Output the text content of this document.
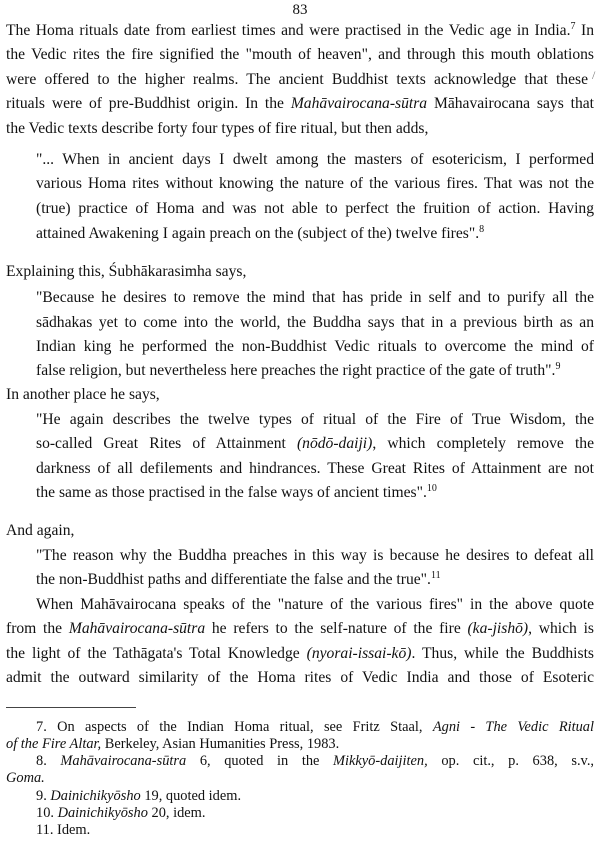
83
/
The Homa rituals date from earliest times and were practised in the Vedic age in India.$^7$ In
the Vedic rites the fire signified the "mouth of heaven", and through this mouth oblations
were offered to the higher realms. The ancient Buddhist texts acknowledge that these
rituals were of pre-Buddhist origin. In the Mahāvairocana-sūtra Māhavairocana says that
the Vedic texts describe forty four types of fire ritual, but then adds,
"... When in ancient days I dwelt among the masters of esotericism, I performed
various Homa rites without knowing the nature of the various fires. That was not the
(true) practice of Homa and was not able to perfect the fruition of action. Having
attained Awakening I again preach on the (subject of the) twelve fires".$^8$
Explaining this, Śubhākarasimha says,
"Because he desires to remove the mind that has pride in self and to purify all the
sādhakas yet to come into the world, the Buddha says that in a previous birth as an
Indian king he performed the non-Buddhist Vedic rituals to overcome the mind of
false religion, but nevertheless here preaches the right practice of the gate of truth".$^9$
In another place he says,
"He again describes the twelve types of ritual of the Fire of True Wisdom, the
so-called Great Rites of Attainment (nōdō-daiji), which completely remove the
darkness of all defilements and hindrances. These Great Rites of Attainment are not
the same as those practised in the false ways of ancient times".$^{10}$
And again,
"The reason why the Buddha preaches in this way is because he desires to defeat all
the non-Buddhist paths and differentiate the false and the true".$^{11}$
When Mahāvairocana speaks of the "nature of the various fires" in the above quote
from the Mahāvairocana-sūtra he refers to the self-nature of the fire (ka-jishō), which is
the light of the Tathāgata's Total Knowledge (nyorai-issai-kō). Thus, while the Buddhists
admit the outward similarity of the Homa rites of Vedic India and those of Esoteric
7. On aspects of the Indian Homa ritual, see Fritz Staal, Agni - The Vedic Ritual
of the Fire Altar, Berkeley, Asian Humanities Press, 1983.
8. Mahāvairocana-sūtra 6, quoted in the Mikkyō-daijiten, op. cit., p. 638, s.v.,
Goma.
9. Dainichikyōsho 19, quoted idem.
10. Dainichikyōsho 20, idem.
11. Idem.
